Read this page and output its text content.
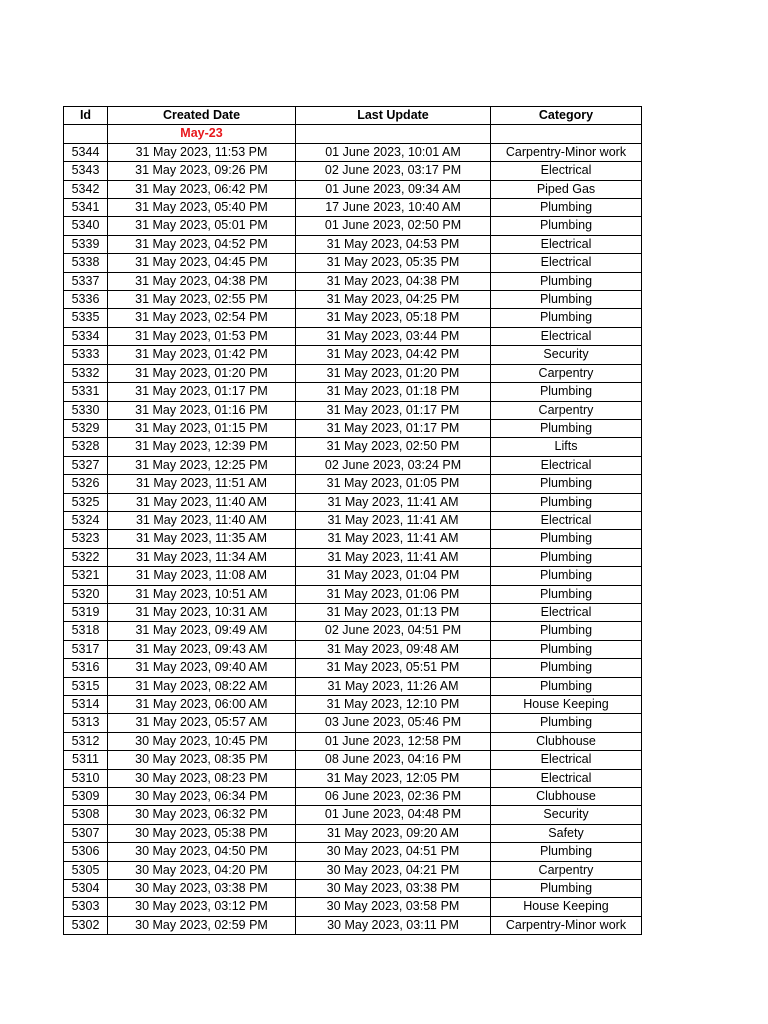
Id	Created Date	Last Update	Category
	May-23		
5344	31 May 2023, 11:53 PM	01 June 2023, 10:01 AM	Carpentry-Minor work
5343	31 May 2023, 09:26 PM	02 June 2023, 03:17 PM	Electrical
5342	31 May 2023, 06:42 PM	01 June 2023, 09:34 AM	Piped Gas
5341	31 May 2023, 05:40 PM	17 June 2023, 10:40 AM	Plumbing
5340	31 May 2023, 05:01 PM	01 June 2023, 02:50 PM	Plumbing
5339	31 May 2023, 04:52 PM	31 May 2023, 04:53 PM	Electrical
5338	31 May 2023, 04:45 PM	31 May 2023, 05:35 PM	Electrical
5337	31 May 2023, 04:38 PM	31 May 2023, 04:38 PM	Plumbing
5336	31 May 2023, 02:55 PM	31 May 2023, 04:25 PM	Plumbing
5335	31 May 2023, 02:54 PM	31 May 2023, 05:18 PM	Plumbing
5334	31 May 2023, 01:53 PM	31 May 2023, 03:44 PM	Electrical
5333	31 May 2023, 01:42 PM	31 May 2023, 04:42 PM	Security
5332	31 May 2023, 01:20 PM	31 May 2023, 01:20 PM	Carpentry
5331	31 May 2023, 01:17 PM	31 May 2023, 01:18 PM	Plumbing
5330	31 May 2023, 01:16 PM	31 May 2023, 01:17 PM	Carpentry
5329	31 May 2023, 01:15 PM	31 May 2023, 01:17 PM	Plumbing
5328	31 May 2023, 12:39 PM	31 May 2023, 02:50 PM	Lifts
5327	31 May 2023, 12:25 PM	02 June 2023, 03:24 PM	Electrical
5326	31 May 2023, 11:51 AM	31 May 2023, 01:05 PM	Plumbing
5325	31 May 2023, 11:40 AM	31 May 2023, 11:41 AM	Plumbing
5324	31 May 2023, 11:40 AM	31 May 2023, 11:41 AM	Electrical
5323	31 May 2023, 11:35 AM	31 May 2023, 11:41 AM	Plumbing
5322	31 May 2023, 11:34 AM	31 May 2023, 11:41 AM	Plumbing
5321	31 May 2023, 11:08 AM	31 May 2023, 01:04 PM	Plumbing
5320	31 May 2023, 10:51 AM	31 May 2023, 01:06 PM	Plumbing
5319	31 May 2023, 10:31 AM	31 May 2023, 01:13 PM	Electrical
5318	31 May 2023, 09:49 AM	02 June 2023, 04:51 PM	Plumbing
5317	31 May 2023, 09:43 AM	31 May 2023, 09:48 AM	Plumbing
5316	31 May 2023, 09:40 AM	31 May 2023, 05:51 PM	Plumbing
5315	31 May 2023, 08:22 AM	31 May 2023, 11:26 AM	Plumbing
5314	31 May 2023, 06:00 AM	31 May 2023, 12:10 PM	House Keeping
5313	31 May 2023, 05:57 AM	03 June 2023, 05:46 PM	Plumbing
5312	30 May 2023, 10:45 PM	01 June 2023, 12:58 PM	Clubhouse
5311	30 May 2023, 08:35 PM	08 June 2023, 04:16 PM	Electrical
5310	30 May 2023, 08:23 PM	31 May 2023, 12:05 PM	Electrical
5309	30 May 2023, 06:34 PM	06 June 2023, 02:36 PM	Clubhouse
5308	30 May 2023, 06:32 PM	01 June 2023, 04:48 PM	Security
5307	30 May 2023, 05:38 PM	31 May 2023, 09:20 AM	Safety
5306	30 May 2023, 04:50 PM	30 May 2023, 04:51 PM	Plumbing
5305	30 May 2023, 04:20 PM	30 May 2023, 04:21 PM	Carpentry
5304	30 May 2023, 03:38 PM	30 May 2023, 03:38 PM	Plumbing
5303	30 May 2023, 03:12 PM	30 May 2023, 03:58 PM	House Keeping
5302	30 May 2023, 02:59 PM	30 May 2023, 03:11 PM	Carpentry-Minor work
